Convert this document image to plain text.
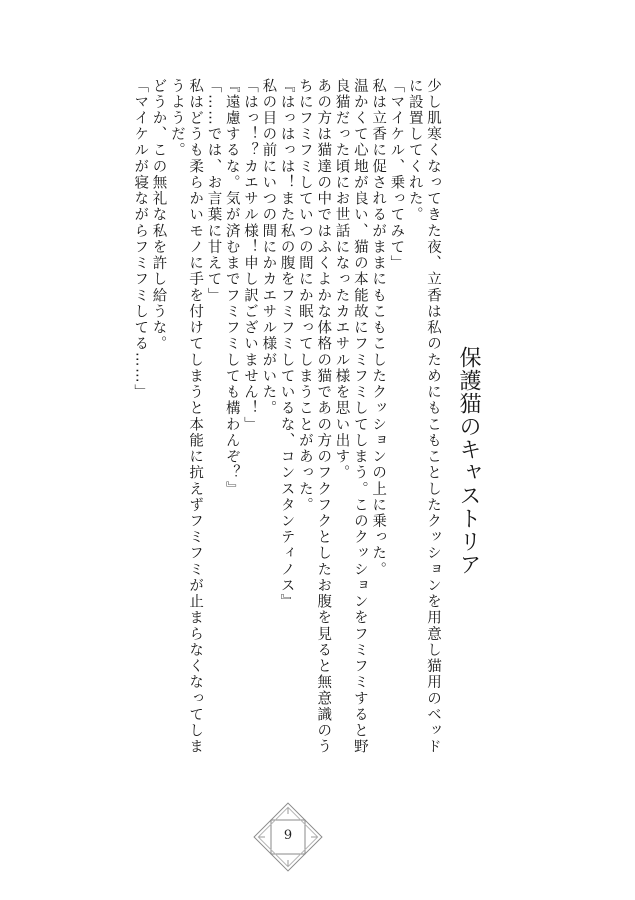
保護猫のキャストリア
少し肌寒くなってきた夜、立香は私のためにもこもことしたクッションを用意し猫用のベッド
に設置してくれた。
「マイケル、乗ってみて」
私は立香に促されるがままにもこもこしたクッションの上に乗った。
温かくて心地が良い、猫の本能故にフミフミしてしまう。このクッションをフミフミすると野
良猫だった頃にお世話になったカエサル様を思い出す。
あの方は猫達の中ではふくよかな体格の猫であの方のフクフクとしたお腹を見ると無意識のう
ちにフミフミしていつの間にか眠ってしまうことがあった。
『はっはっは！また私の腹をフミフミしているな、コンスタンティノス』
私の目の前にいつの間にかカエサル様がいた。
「はっ！？カエサル様！申し訳ございません！」
『遠慮するな。気が済むまでフミフミしても構わんぞ？』
「……では、お言葉に甘えて」
私はどうも柔らかいモノに手を付けてしまうと本能に抗えずフミフミが止まらなくなってしま
うようだ。
どうか、この無礼な私を許し給うな。
「マイケルが寝ながらフミフミしてる……」
9
